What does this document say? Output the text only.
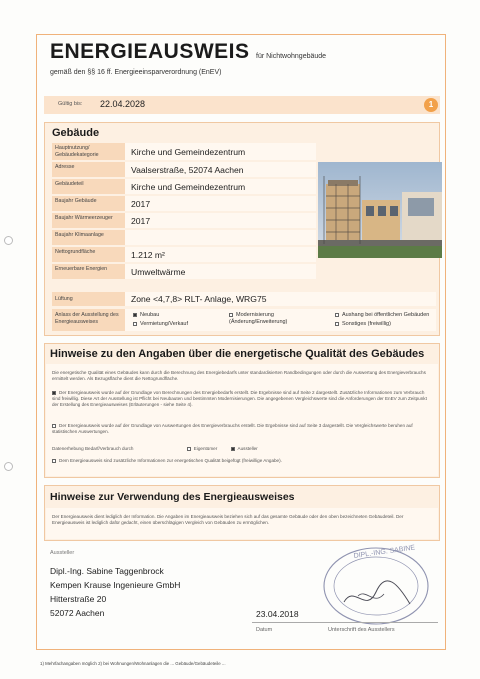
ENERGIEAUSWEIS für Nichtwohngebäude
gemäß den §§ 16 ff. Energieeinsparverordnung (EnEV)
Gültig bis: 22.04.2028	1
Gebäude
Hauptnutzung/ Gebäudekategorie	Kirche und Gemeindezentrum
Adresse	Vaalserstraße, 52074 Aachen
Gebäudeteil	Kirche und Gemeindezentrum
Baujahr Gebäude	2017
Baujahr Wärmeerzeuger	2017
Baujahr Klimaanlage
Nettogrundfläche	1.212 m²
Erneuerbare Energien	Umweltwärme
Lüftung	Zone <4,7,8> RLT- Anlage, WRG75
Anlass der Ausstellung des Energieausweises
Neubau
Vermietung/Verkauf
Modernisierung (Änderung/Erweiterung)
Aushang bei öffentlichen Gebäuden
Sonstiges (freiwillig)
Hinweise zu den Angaben über die energetische Qualität des Gebäudes
Die energetische Qualität eines Gebäudes kann durch die Berechnung des Energiebedarfs unter standardisierten Randbedingungen oder durch die Auswertung des Energieverbrauchs ermittelt werden. Als Bezugsfläche dient die Nettogrundfläche.
Der Energieausweis wurde auf der Grundlage von Berechnungen des Energiebedarfs erstellt. Die Ergebnisse sind auf Seite 2 dargestellt. Zusätzliche Informationen zum Verbrauch sind freiwillig. Diese Art der Ausstellung ist Pflicht bei Neubauten und bestimmten Modernisierungen. Die angegebenen Vergleichswerte sind die Anforderungen der EnEV zum Zeitpunkt der Erstellung des Energieausweises (Erläuterungen - siehe Seite 4).
Der Energieausweis wurde auf der Grundlage von Auswertungen des Energieverbrauchs erstellt. Die Ergebnisse sind auf Seite 3 dargestellt. Die Vergleichswerte beruhen auf statistischen Auswertungen.
Datenerhebung Bedarf/Verbrauch durch	Eigentümer	Aussteller
Dem Energieausweis sind zusätzliche Informationen zur energetischen Qualität beigefügt (freiwillige Angabe).
Hinweise zur Verwendung des Energieausweises
Der Energieausweis dient lediglich der Information. Die Angaben im Energieausweis beziehen sich auf das gesamte Gebäude oder den oben bezeichneten Gebäudeteil. Der Energieausweis ist lediglich dafür gedacht, einen überschlägigen Vergleich von Gebäuden zu ermöglichen.
Aussteller
Dipl.-Ing. Sabine Taggenbrock
Kempen Krause Ingenieure GmbH
Hitterstraße 20
52072 Aachen
DIPL.-ING. SABINE
23.04.2018
Datum	Unterschrift des Ausstellers
1) Mehrfachangaben möglich 2) bei Wohnungen/Wohnanlagen die ... Gebäude/Gebäudeteile ...
